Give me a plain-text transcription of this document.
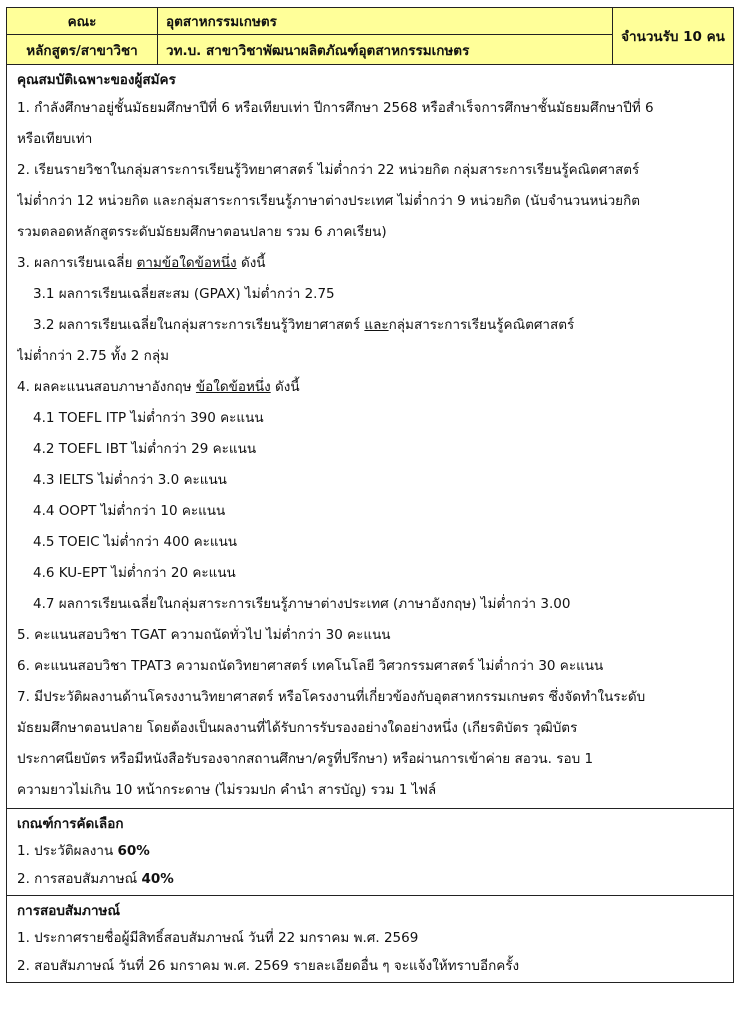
คณะ	อุตสาหกรรมเกษตร	จำนวนรับ 10 คน
หลักสูตร/สาขาวิชา	วท.บ. สาขาวิชาพัฒนาผลิตภัณฑ์อุตสาหกรรมเกษตร	
คุณสมบัติเฉพาะของผู้สมัคร
1. กำลังศึกษาอยู่ชั้นมัธยมศึกษาปีที่ 6 หรือเทียบเท่า ปีการศึกษา 2568 หรือสำเร็จการศึกษาชั้นมัธยมศึกษาปีที่ 6
หรือเทียบเท่า
2. เรียนรายวิชาในกลุ่มสาระการเรียนรู้วิทยาศาสตร์ ไม่ต่ำกว่า 22 หน่วยกิต กลุ่มสาระการเรียนรู้คณิตศาสตร์
ไม่ต่ำกว่า 12 หน่วยกิต และกลุ่มสาระการเรียนรู้ภาษาต่างประเทศ ไม่ต่ำกว่า 9 หน่วยกิต (นับจำนวนหน่วยกิต
รวมตลอดหลักสูตรระดับมัธยมศึกษาตอนปลาย รวม 6 ภาคเรียน)
3. ผลการเรียนเฉลี่ย ตามข้อใดข้อหนึ่ง ดังนี้
3.1 ผลการเรียนเฉลี่ยสะสม (GPAX) ไม่ต่ำกว่า 2.75
3.2 ผลการเรียนเฉลี่ยในกลุ่มสาระการเรียนรู้วิทยาศาสตร์ และกลุ่มสาระการเรียนรู้คณิตศาสตร์
ไม่ต่ำกว่า 2.75 ทั้ง 2 กลุ่ม
4. ผลคะแนนสอบภาษาอังกฤษ ข้อใดข้อหนึ่ง ดังนี้
4.1 TOEFL ITP ไม่ต่ำกว่า 390 คะแนน
4.2 TOEFL IBT ไม่ต่ำกว่า 29 คะแนน
4.3 IELTS ไม่ต่ำกว่า 3.0 คะแนน
4.4 OOPT ไม่ต่ำกว่า 10 คะแนน
4.5 TOEIC ไม่ต่ำกว่า 400 คะแนน
4.6 KU-EPT ไม่ต่ำกว่า 20 คะแนน
4.7 ผลการเรียนเฉลี่ยในกลุ่มสาระการเรียนรู้ภาษาต่างประเทศ (ภาษาอังกฤษ) ไม่ต่ำกว่า 3.00
5. คะแนนสอบวิชา TGAT ความถนัดทั่วไป ไม่ต่ำกว่า 30 คะแนน
6. คะแนนสอบวิชา TPAT3 ความถนัดวิทยาศาสตร์ เทคโนโลยี วิศวกรรมศาสตร์ ไม่ต่ำกว่า 30 คะแนน
7. มีประวัติผลงานด้านโครงงานวิทยาศาสตร์ หรือโครงงานที่เกี่ยวข้องกับอุตสาหกรรมเกษตร ซึ่งจัดทำในระดับ
มัธยมศึกษาตอนปลาย โดยต้องเป็นผลงานที่ได้รับการรับรองอย่างใดอย่างหนึ่ง (เกียรติบัตร วุฒิบัตร
ประกาศนียบัตร หรือมีหนังสือรับรองจากสถานศึกษา/ครูที่ปรึกษา) หรือผ่านการเข้าค่าย สอวน. รอบ 1
ความยาวไม่เกิน 10 หน้ากระดาษ (ไม่รวมปก คำนำ สารบัญ) รวม 1 ไฟล์
เกณฑ์การคัดเลือก
1. ประวัติผลงาน 60%
2. การสอบสัมภาษณ์ 40%
การสอบสัมภาษณ์
1. ประกาศรายชื่อผู้มีสิทธิ์สอบสัมภาษณ์ วันที่ 22 มกราคม พ.ศ. 2569
2. สอบสัมภาษณ์ วันที่ 26 มกราคม พ.ศ. 2569 รายละเอียดอื่น ๆ จะแจ้งให้ทราบอีกครั้ง
